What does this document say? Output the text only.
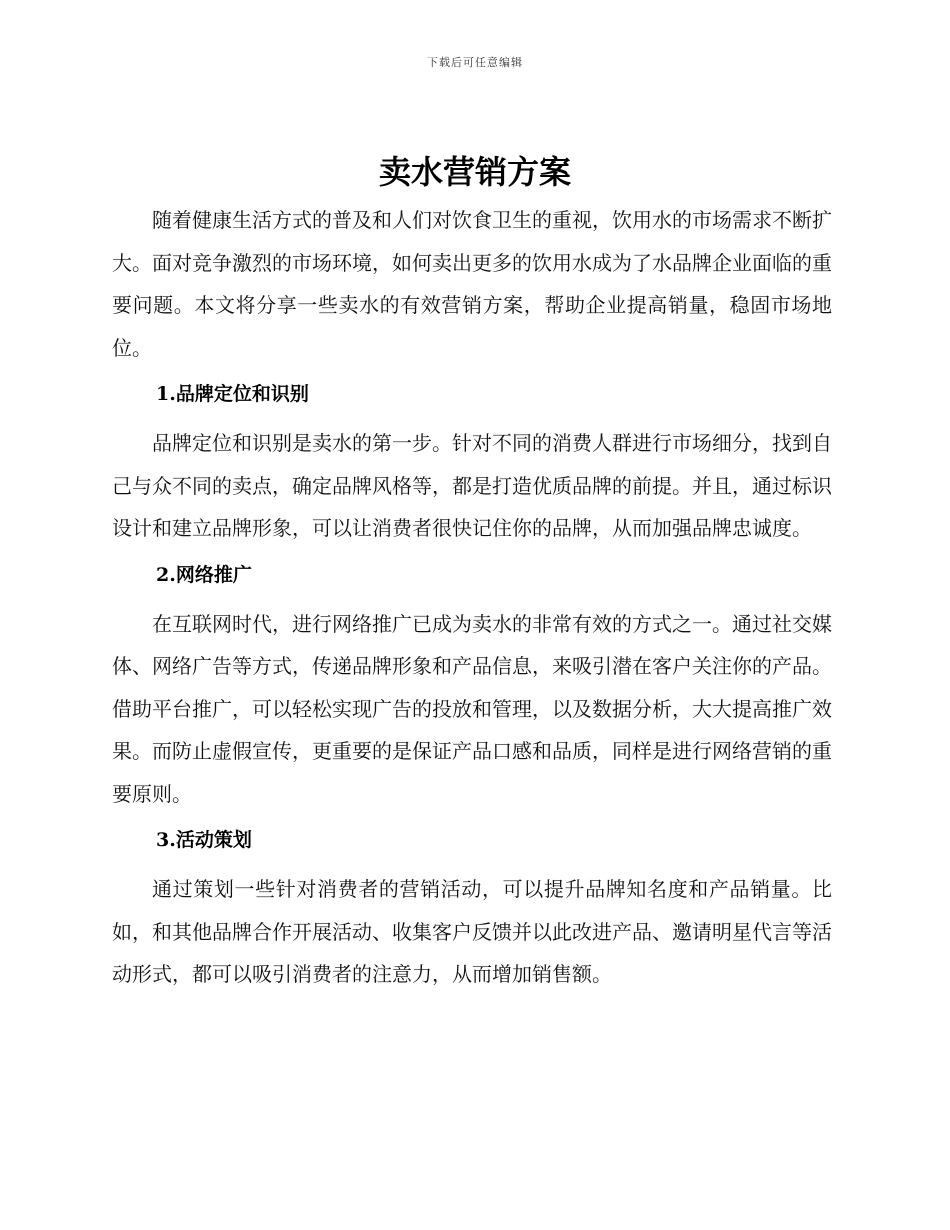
下载后可任意编辑
卖水营销方案

随着健康生活方式的普及和人们对饮食卫生的重视，饮用水的市场需求不断扩大。面对竞争激烈的市场环境，如何卖出更多的饮用水成为了水品牌企业面临的重要问题。本文将分享一些卖水的有效营销方案，帮助企业提高销量，稳固市场地位。

1.品牌定位和识别

品牌定位和识别是卖水的第一步。针对不同的消费人群进行市场细分，找到自己与众不同的卖点，确定品牌风格等，都是打造优质品牌的前提。并且，通过标识设计和建立品牌形象，可以让消费者很快记住你的品牌，从而加强品牌忠诚度。

2.网络推广

在互联网时代，进行网络推广已成为卖水的非常有效的方式之一。通过社交媒体、网络广告等方式，传递品牌形象和产品信息，来吸引潜在客户关注你的产品。借助平台推广，可以轻松实现广告的投放和管理，以及数据分析，大大提高推广效果。而防止虚假宣传，更重要的是保证产品口感和品质，同样是进行网络营销的重要原则。

3.活动策划

通过策划一些针对消费者的营销活动，可以提升品牌知名度和产品销量。比如，和其他品牌合作开展活动、收集客户反馈并以此改进产品、邀请明星代言等活动形式，都可以吸引消费者的注意力，从而增加销售额。
